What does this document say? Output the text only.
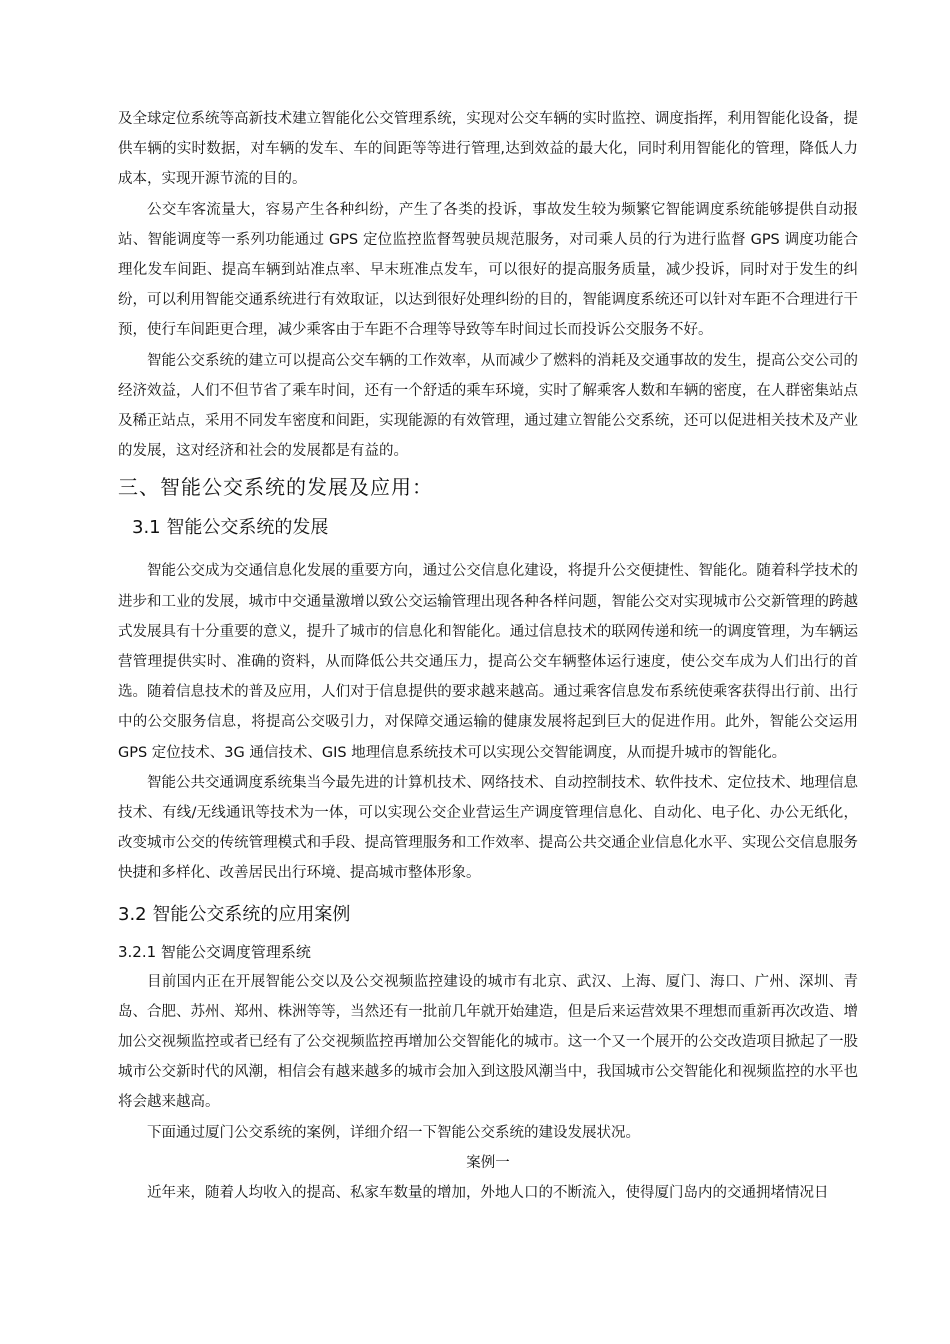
及全球定位系统等高新技术建立智能化公交管理系统，实现对公交车辆的实时监控、调度指挥，利用智能化设备，提供车辆的实时数据，对车辆的发车、车的间距等等进行管理,达到效益的最大化，同时利用智能化的管理，降低人力成本，实现开源节流的目的。

公交车客流量大，容易产生各种纠纷，产生了各类的投诉，事故发生较为频繁它智能调度系统能够提供自动报站、智能调度等一系列功能通过 GPS 定位监控监督驾驶员规范服务，对司乘人员的行为进行监督 GPS 调度功能合理化发车间距、提高车辆到站准点率、早末班准点发车，可以很好的提高服务质量，减少投诉，同时对于发生的纠纷，可以利用智能交通系统进行有效取证，以达到很好处理纠纷的目的，智能调度系统还可以针对车距不合理进行干预，使行车间距更合理，减少乘客由于车距不合理等导致等车时间过长而投诉公交服务不好。

智能公交系统的建立可以提高公交车辆的工作效率，从而减少了燃料的消耗及交通事故的发生，提高公交公司的经济效益，人们不但节省了乘车时间，还有一个舒适的乘车环境，实时了解乘客人数和车辆的密度，在人群密集站点及稀正站点，采用不同发车密度和间距，实现能源的有效管理，通过建立智能公交系统，还可以促进相关技术及产业的发展，这对经济和社会的发展都是有益的。

三、智能公交系统的发展及应用：
3.1 智能公交系统的发展

智能公交成为交通信息化发展的重要方向，通过公交信息化建设，将提升公交便捷性、智能化。随着科学技术的进步和工业的发展，城市中交通量激增以致公交运输管理出现各种各样问题，智能公交对实现城市公交新管理的跨越式发展具有十分重要的意义，提升了城市的信息化和智能化。通过信息技术的联网传递和统一的调度管理，为车辆运营管理提供实时、准确的资料，从而降低公共交通压力，提高公交车辆整体运行速度，使公交车成为人们出行的首选。随着信息技术的普及应用，人们对于信息提供的要求越来越高。通过乘客信息发布系统使乘客获得出行前、出行中的公交服务信息，将提高公交吸引力，对保障交通运输的健康发展将起到巨大的促进作用。此外，智能公交运用 GPS 定位技术、3G 通信技术、GIS 地理信息系统技术可以实现公交智能调度，从而提升城市的智能化。

智能公共交通调度系统集当今最先进的计算机技术、网络技术、自动控制技术、软件技术、定位技术、地理信息技术、有线/无线通讯等技术为一体，可以实现公交企业营运生产调度管理信息化、自动化、电子化、办公无纸化，改变城市公交的传统管理模式和手段、提高管理服务和工作效率、提高公共交通企业信息化水平、实现公交信息服务快捷和多样化、改善居民出行环境、提高城市整体形象。

3.2 智能公交系统的应用案例
3.2.1 智能公交调度管理系统

目前国内正在开展智能公交以及公交视频监控建设的城市有北京、武汉、上海、厦门、海口、广州、深圳、青岛、合肥、苏州、郑州、株洲等等，当然还有一批前几年就开始建造，但是后来运营效果不理想而重新再次改造、增加公交视频监控或者已经有了公交视频监控再增加公交智能化的城市。这一个又一个展开的公交改造项目掀起了一股城市公交新时代的风潮，相信会有越来越多的城市会加入到这股风潮当中，我国城市公交智能化和视频监控的水平也将会越来越高。

下面通过厦门公交系统的案例，详细介绍一下智能公交系统的建设发展状况。

案例一

近年来，随着人均收入的提高、私家车数量的增加，外地人口的不断流入，使得厦门岛内的交通拥堵情况日
